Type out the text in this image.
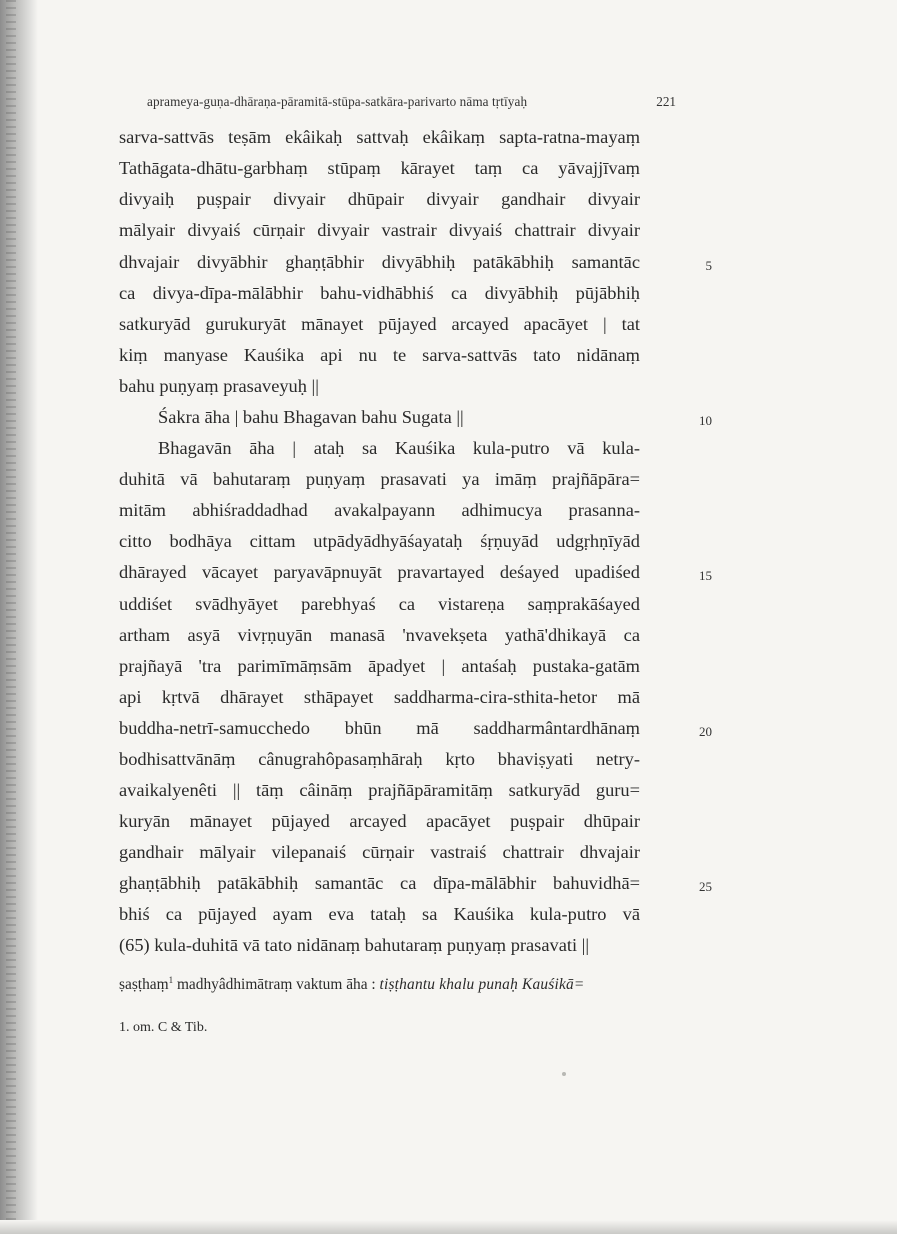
aprameya-guṇa-dhāraṇa-pāramitā-stūpa-satkāra-parivarto nāma tṛtīyaḥ	221
sarva-sattvās teṣām ekâikaḥ sattvaḥ ekâikaṃ sapta-ratna-mayaṃ
Tathāgata-dhātu-garbhaṃ stūpaṃ kārayet taṃ ca yāvajjīvaṃ
divyaiḥ puṣpair divyair dhūpair divyair gandhair divyair
mālyair divyaiś cūrṇair divyair vastrair divyaiś chattrair divyair
dhvajair divyābhir ghaṇṭābhir divyābhiḥ patākābhiḥ samantāc
ca divya-dīpa-mālābhir bahu-vidhābhiś ca divyābhiḥ pūjābhiḥ
satkuryād gurukuryāt mānayet pūjayed arcayed apacāyet | tat
kiṃ manyase Kauśika api nu te sarva-sattvās tato nidānaṃ
bahu puṇyaṃ prasaveyuḥ ||
Śakra āha | bahu Bhagavan bahu Sugata ||
Bhagavān āha | ataḥ sa Kauśika kula-putro vā kula-
duhitā vā bahutaraṃ puṇyaṃ prasavati ya imāṃ prajñāpāra=
mitām abhiśraddadhad avakalpayann adhimucya prasanna-
citto bodhāya cittam utpādyādhyāśayataḥ śṛṇuyād udgṛhṇīyād
dhārayed vācayet paryavāpnuyāt pravartayed deśayed upadiśed
uddiśet svādhyāyet parebhyaś ca vistareṇa saṃprakāśayed
artham asyā vivṛṇuyān manasā 'nvavekṣeta yathā'dhikayā ca
prajñayā 'tra parimīmāṃsām āpadyet | antaśaḥ pustaka-gatām
api kṛtvā dhārayet sthāpayet saddharma-cira-sthita-hetor mā
buddha-netrī-samucchedo bhūn mā saddharmântardhānaṃ
bodhisattvānāṃ cânugrahôpasaṃhāraḥ kṛto bhaviṣyati netry-
avaikalyenêti || tāṃ câināṃ prajñāpāramitāṃ satkuryād guru=
kuryān mānayet pūjayed arcayed apacāyet puṣpair dhūpair
gandhair mālyair vilepanaiś cūrṇair vastraiś chattrair dhvajair
ghaṇṭābhiḥ patākābhiḥ samantāc ca dīpa-mālābhir bahuvidhā=
bhiś ca pūjayed ayam eva tataḥ sa Kauśika kula-putro vā
(65) kula-duhitā vā tato nidānaṃ bahutaraṃ puṇyaṃ prasavati ||
5
10
15
20
25
ṣaṣṭhaṃ$^1$ madhyâdhimātraṃ vaktum āha : tiṣṭhantu khalu punaḥ Kauśikā=
1. om. C & Tib.
